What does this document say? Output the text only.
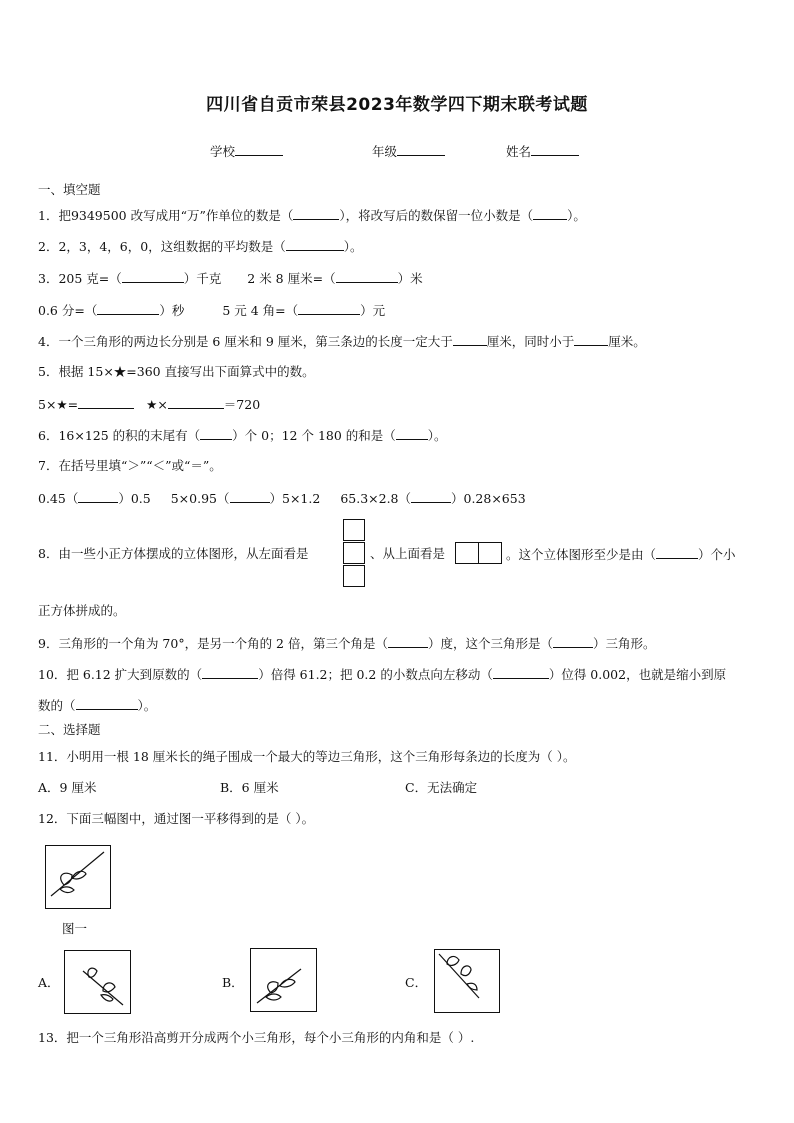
四川省自贡市荣县2023年数学四下期末联考试题
学校	年级	姓名
一、填空题
1．把9349500 改写成用“万”作单位的数是（	），将改写后的数保留一位小数是（	）。
2．2，3，4，6，0，这组数据的平均数是（	）。
3．205 克=（	）千克 2 米 8 厘米=（	）米
0.6 分=（	）秒	5 元 4 角=（	）元
4．一个三角形的两边长分别是 6 厘米和 9 厘米，第三条边的长度一定大于	厘米，同时小于	厘米。
5．根据 15×★=360 直接写出下面算式中的数。
5×★=	★×	＝720
6．16×125 的积的末尾有（	）个 0；12 个 180 的和是（	）。
7．在括号里填“＞”“＜”或“＝”。
0.45（	）0.5 5×0.95（	）5×1.2 65.3×2.8（	）0.28×653
8．由一些小正方体摆成的立体图形，从左面看是	、从上面看是	。这个立体图形至少是由（	）个小
正方体拼成的。
9．三角形的一个角为 70°，是另一个角的 2 倍，第三个角是（	）度，这个三角形是（	）三角形。
10．把 6.12 扩大到原数的（	）倍得 61.2；把 0.2 的小数点向左移动（	）位得 0.002，也就是缩小到原
数的（	）。
二、选择题
11．小明用一根 18 厘米长的绳子围成一个最大的等边三角形，这个三角形每条边的长度为（ ）。
A．9 厘米	B．6 厘米	C．无法确定
12．下面三幅图中，通过图一平移得到的是（ ）。
图一
A．	B．	C．
13．把一个三角形沿高剪开分成两个小三角形，每个小三角形的内角和是（ ）.
